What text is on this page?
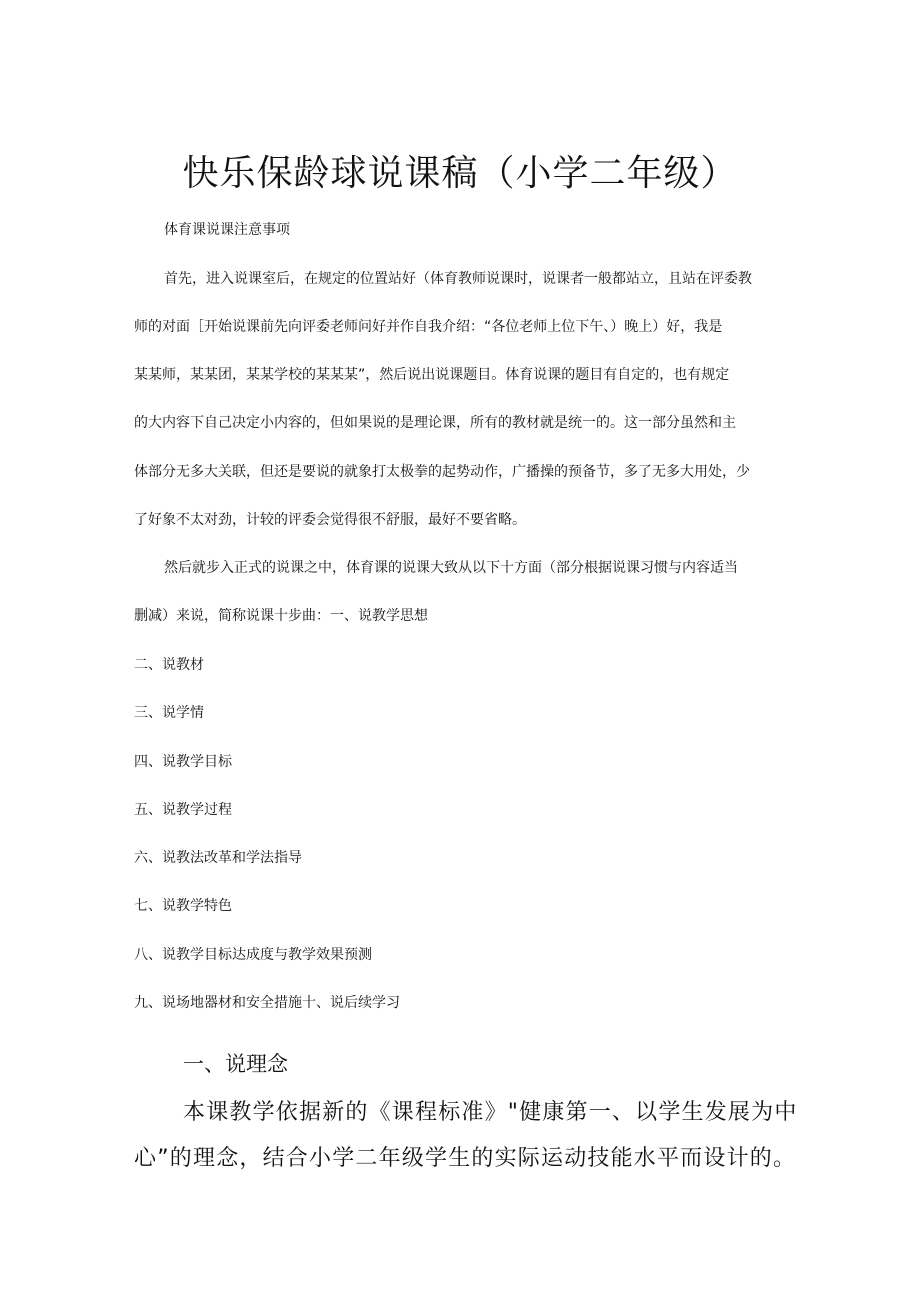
快乐保龄球说课稿（小学二年级）

体育课说课注意事项

首先，进入说课室后，在规定的位置站好（体育教师说课时，说课者一般都站立，且站在评委教

师的对面［开始说课前先向评委老师问好并作自我介绍：“各位老师上位下午、）晚上）好，我是

某某师，某某团，某某学校的某某某”，然后说出说课题目。体育说课的题目有自定的，也有规定

的大内容下自己决定小内容的，但如果说的是理论课，所有的教材就是统一的。这一部分虽然和主

体部分无多大关联，但还是要说的就象打太极拳的起势动作，广播操的预备节，多了无多大用处，少

了好象不太对劲，计较的评委会觉得很不舒服，最好不要省略。

然后就步入正式的说课之中，体育课的说课大致从以下十方面（部分根据说课习惯与内容适当

删减）来说，简称说课十步曲：一、说教学思想

二、说教材

三、说学情

四、说教学目标

五、说教学过程

六、说教法改革和学法指导

七、说教学特色

八、说教学目标达成度与教学效果预测

九、说场地器材和安全措施十、说后续学习

一、说理念

本课教学依据新的《课程标准》"健康第一、以学生发展为中

心”的理念，结合小学二年级学生的实际运动技能水平而设计的。
